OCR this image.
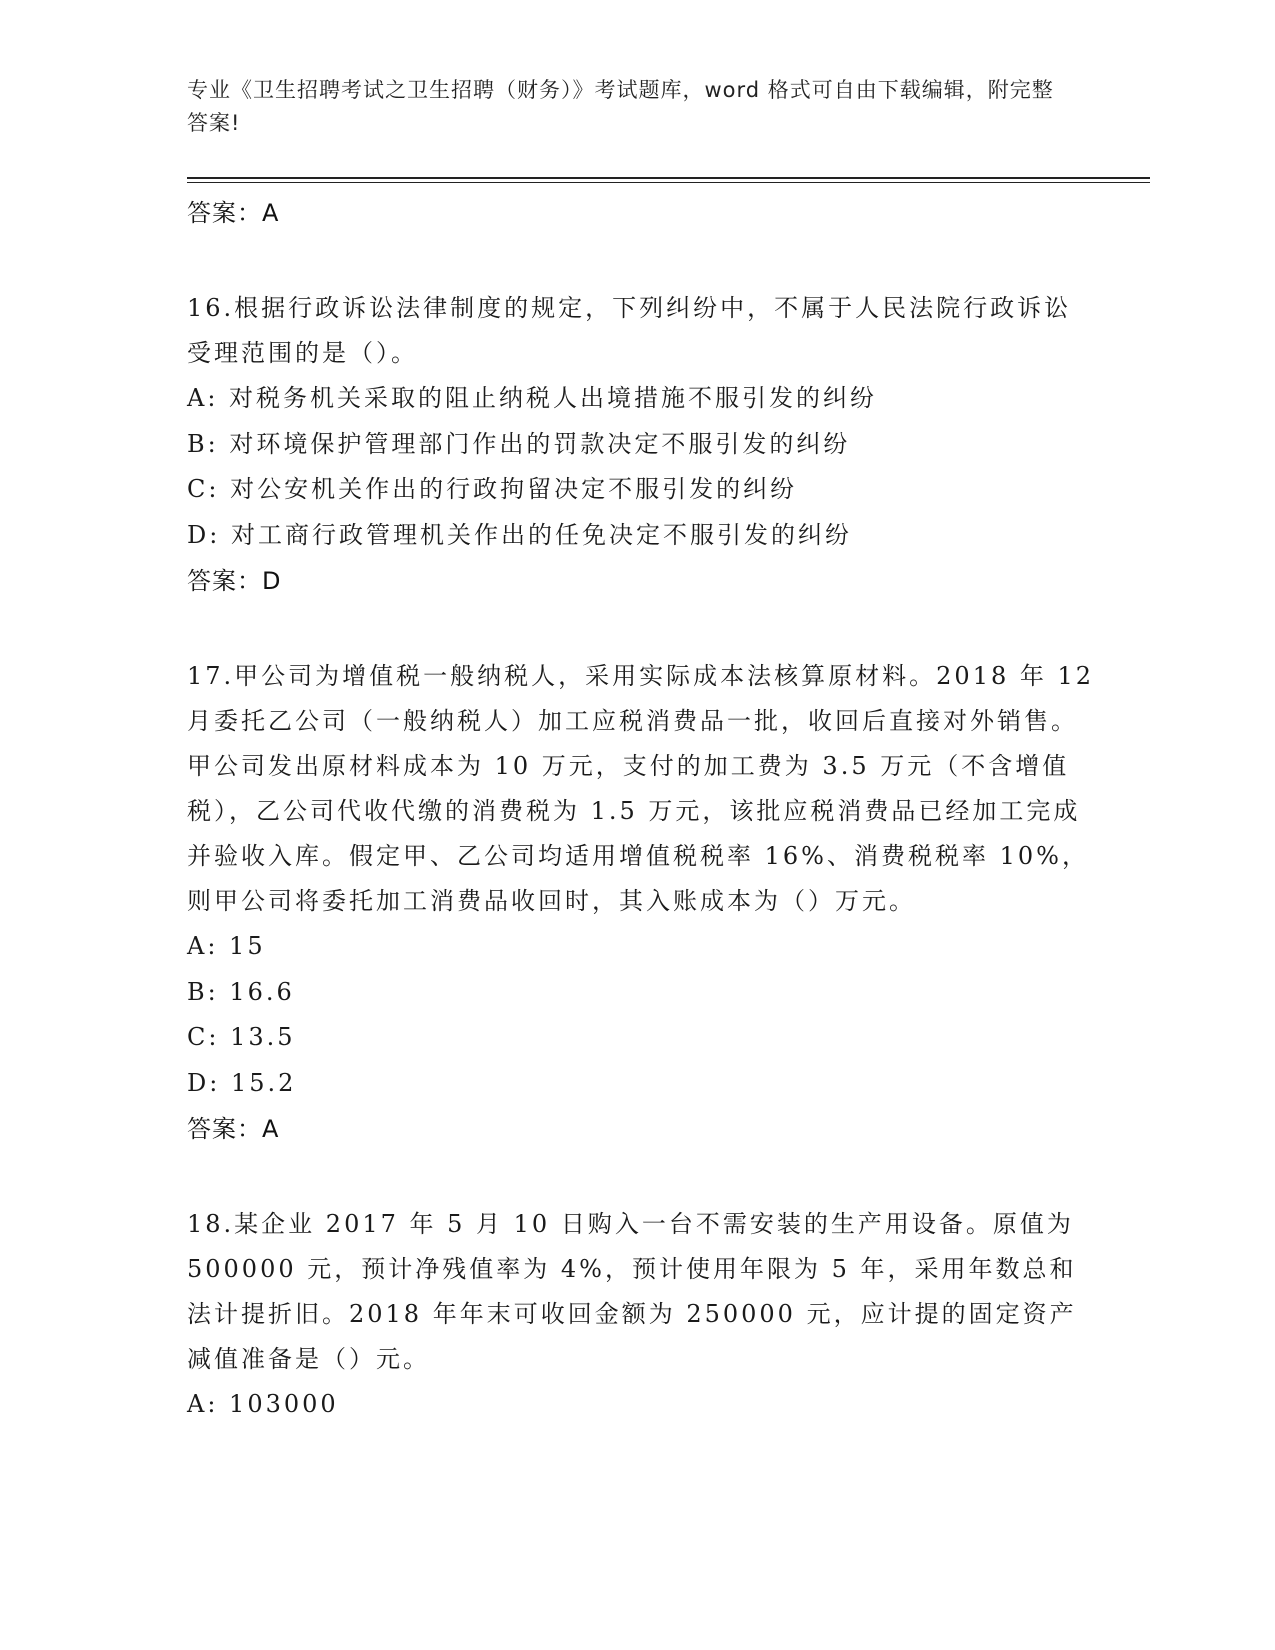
专业《卫生招聘考试之卫生招聘（财务）》考试题库，word 格式可自由下载编辑，附完整答案!

答案：A

16.根据行政诉讼法律制度的规定，下列纠纷中，不属于人民法院行政诉讼受理范围的是（）。

A: 对税务机关采取的阻止纳税人出境措施不服引发的纠纷

B: 对环境保护管理部门作出的罚款决定不服引发的纠纷

C: 对公安机关作出的行政拘留决定不服引发的纠纷

D: 对工商行政管理机关作出的任免决定不服引发的纠纷

答案：D

17.甲公司为增值税一般纳税人，采用实际成本法核算原材料。2018 年 12 月委托乙公司（一般纳税人）加工应税消费品一批，收回后直接对外销售。甲公司发出原材料成本为 10 万元，支付的加工费为 3.5 万元（不含增值税），乙公司代收代缴的消费税为 1.5 万元，该批应税消费品已经加工完成并验收入库。假定甲、乙公司均适用增值税税率 16%、消费税税率 10%，则甲公司将委托加工消费品收回时，其入账成本为（）万元。

A: 15

B: 16.6

C: 13.5

D: 15.2

答案：A

18.某企业 2017 年 5 月 10 日购入一台不需安装的生产用设备。原值为 500000 元，预计净残值率为 4%，预计使用年限为 5 年，采用年数总和法计提折旧。2018 年年末可收回金额为 250000 元，应计提的固定资产减值准备是（）元。

A: 103000
